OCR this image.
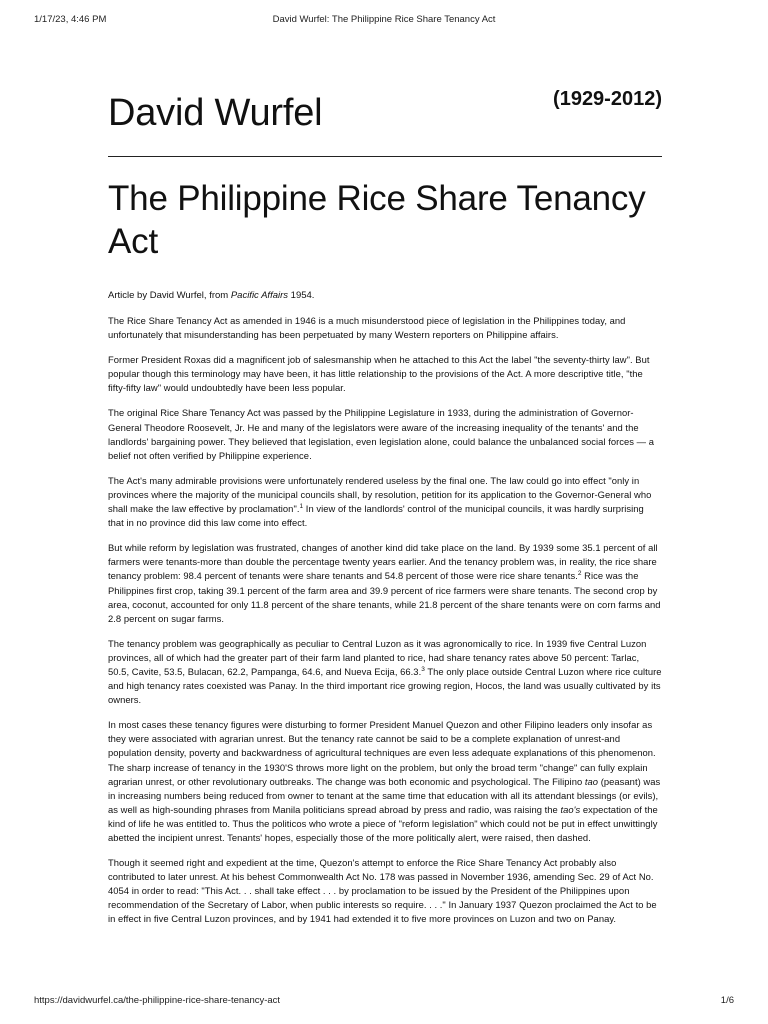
1/17/23, 4:46 PM	David Wurfel: The Philippine Rice Share Tenancy Act
David Wurfel	(1929-2012)
The Philippine Rice Share Tenancy Act

Article by David Wurfel, from Pacific Affairs 1954.

The Rice Share Tenancy Act as amended in 1946 is a much misunderstood piece of legislation in the Philippines today, and unfortunately that misunderstanding has been perpetuated by many Western reporters on Philippine affairs.

Former President Roxas did a magnificent job of salesmanship when he attached to this Act the label "the seventy-thirty law". But popular though this terminology may have been, it has little relationship to the provisions of the Act. A more descriptive title, "the fifty-fifty law" would undoubtedly have been less popular.

The original Rice Share Tenancy Act was passed by the Philippine Legislature in 1933, during the administration of Governor-General Theodore Roosevelt, Jr. He and many of the legislators were aware of the increasing inequality of the tenants' and the landlords' bargaining power. They believed that legislation, even legislation alone, could balance the unbalanced social forces — a belief not often verified by Philippine experience.

The Act's many admirable provisions were unfortunately rendered useless by the final one. The law could go into effect "only in provinces where the majority of the municipal councils shall, by resolution, petition for its application to the Governor-General who shall make the law effective by proclamation".$^1$ In view of the landlords' control of the municipal councils, it was hardly surprising that in no province did this law come into effect.

But while reform by legislation was frustrated, changes of another kind did take place on the land. By 1939 some 35.1 percent of all farmers were tenants-more than double the percentage twenty years earlier. And the tenancy problem was, in reality, the rice share tenancy problem: 98.4 percent of tenants were share tenants and 54.8 percent of those were rice share tenants.$^2$ Rice was the Philippines first crop, taking 39.1 percent of the farm area and 39.9 percent of rice farmers were share tenants. The second crop by area, coconut, accounted for only 11.8 percent of the share tenants, while 21.8 percent of the share tenants were on corn farms and 2.8 percent on sugar farms.

The tenancy problem was geographically as peculiar to Central Luzon as it was agronomically to rice. In 1939 five Central Luzon provinces, all of which had the greater part of their farm land planted to rice, had share tenancy rates above 50 percent: Tarlac, 50.5, Cavite, 53.5, Bulacan, 62.2, Pampanga, 64.6, and Nueva Ecija, 66.3.$^3$ The only place outside Central Luzon where rice culture and high tenancy rates coexisted was Panay. In the third important rice growing region, Hocos, the land was usually cultivated by its owners.

In most cases these tenancy figures were disturbing to former President Manuel Quezon and other Filipino leaders only insofar as they were associated with agrarian unrest. But the tenancy rate cannot be said to be a complete explanation of unrest-and population density, poverty and backwardness of agricultural techniques are even less adequate explanations of this phenomenon. The sharp increase of tenancy in the 1930'S throws more light on the problem, but only the broad term "change" can fully explain agrarian unrest, or other revolutionary outbreaks. The change was both economic and psychological. The Filipino tao (peasant) was in increasing numbers being reduced from owner to tenant at the same time that education with all its attendant blessings (or evils), as well as high-sounding phrases from Manila politicians spread abroad by press and radio, was raising the tao's expectation of the kind of life he was entitled to. Thus the politicos who wrote a piece of "reform legislation" which could not be put in effect unwittingly abetted the incipient unrest. Tenants' hopes, especially those of the more politically alert, were raised, then dashed.

Though it seemed right and expedient at the time, Quezon's attempt to enforce the Rice Share Tenancy Act probably also contributed to later unrest. At his behest Commonwealth Act No. 178 was passed in November 1936, amending Sec. 29 of Act No. 4054 in order to read: "This Act. . . shall take effect . . . by proclamation to be issued by the President of the Philippines upon recommendation of the Secretary of Labor, when public interests so require. . . ." In January 1937 Quezon proclaimed the Act to be in effect in five Central Luzon provinces, and by 1941 had extended it to five more provinces on Luzon and two on Panay.

https://davidwurfel.ca/the-philippine-rice-share-tenancy-act	1/6
